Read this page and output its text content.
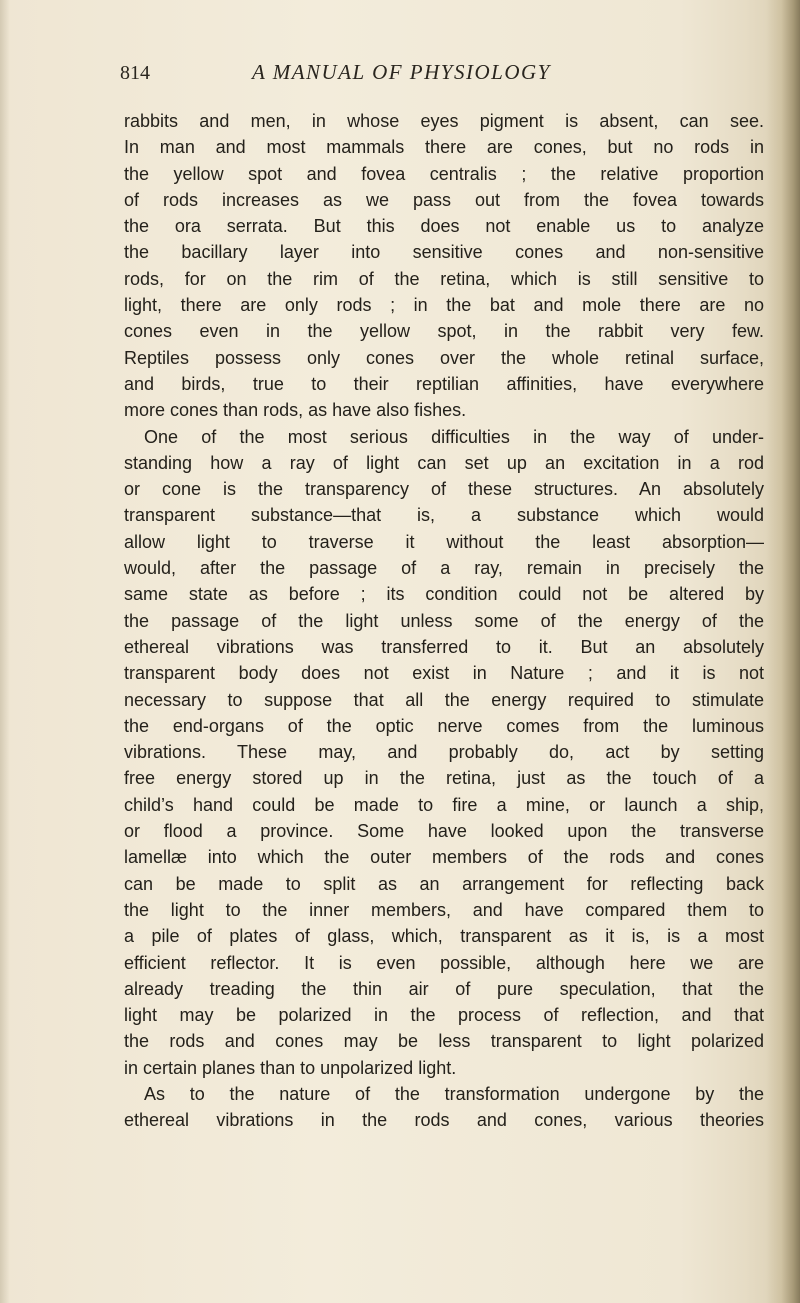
814	A MANUAL OF PHYSIOLOGY
rabbits and men, in whose eyes pigment is absent, can see.
In man and most mammals there are cones, but no rods in
the yellow spot and fovea centralis ; the relative proportion
of rods increases as we pass out from the fovea towards
the ora serrata. But this does not enable us to analyze
the bacillary layer into sensitive cones and non-sensitive
rods, for on the rim of the retina, which is still sensitive to
light, there are only rods ; in the bat and mole there are no
cones even in the yellow spot, in the rabbit very few.
Reptiles possess only cones over the whole retinal surface,
and birds, true to their reptilian affinities, have everywhere
more cones than rods, as have also fishes.
One of the most serious difficulties in the way of under-
standing how a ray of light can set up an excitation in a rod
or cone is the transparency of these structures. An absolutely
transparent substance—that is, a substance which would
allow light to traverse it without the least absorption—
would, after the passage of a ray, remain in precisely the
same state as before ; its condition could not be altered by
the passage of the light unless some of the energy of the
ethereal vibrations was transferred to it. But an absolutely
transparent body does not exist in Nature ; and it is not
necessary to suppose that all the energy required to stimulate
the end-organs of the optic nerve comes from the luminous
vibrations. These may, and probably do, act by setting
free energy stored up in the retina, just as the touch of a
child’s hand could be made to fire a mine, or launch a ship,
or flood a province. Some have looked upon the transverse
lamellæ into which the outer members of the rods and cones
can be made to split as an arrangement for reflecting back
the light to the inner members, and have compared them to
a pile of plates of glass, which, transparent as it is, is a most
efficient reflector. It is even possible, although here we are
already treading the thin air of pure speculation, that the
light may be polarized in the process of reflection, and that
the rods and cones may be less transparent to light polarized
in certain planes than to unpolarized light.
As to the nature of the transformation undergone by the
ethereal vibrations in the rods and cones, various theories
